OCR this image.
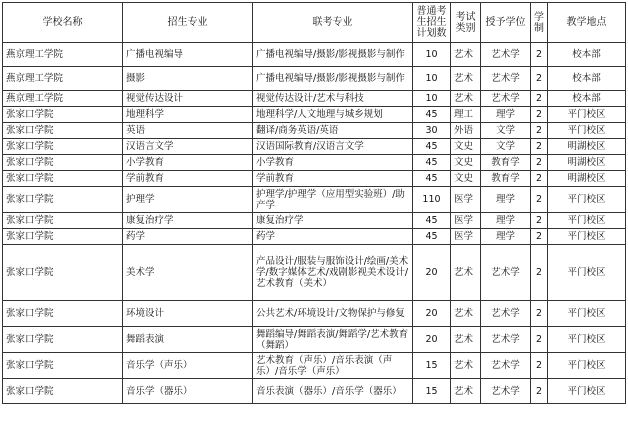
学校名称	招生专业	联考专业	普通考生招生计划数	考试类别	授予学位	学制	教学地点
燕京理工学院	广播电视编导	广播电视编导/摄影/影视摄影与制作	10	艺术	艺术学	2	校本部
燕京理工学院	摄影	广播电视编导/摄影/影视摄影与制作	10	艺术	艺术学	2	校本部
燕京理工学院	视觉传达设计	视觉传达设计/艺术与科技	10	艺术	艺术学	2	校本部
张家口学院	地理科学	地理科学/人文地理与城乡规划	45	理工	理学	2	平门校区
张家口学院	英语	翻译/商务英语/英语	30	外语	文学	2	平门校区
张家口学院	汉语言文学	汉语国际教育/汉语言文学	45	文史	文学	2	明湖校区
张家口学院	小学教育	小学教育	45	文史	教育学	2	明湖校区
张家口学院	学前教育	学前教育	45	文史	教育学	2	明湖校区
张家口学院	护理学	护理学/护理学（应用型实验班）/助产学	110	医学	理学	2	平门校区
张家口学院	康复治疗学	康复治疗学	45	医学	理学	2	平门校区
张家口学院	药学	药学	45	医学	理学	2	平门校区
张家口学院	美术学	产品设计/服装与服饰设计/绘画/美术学/数字媒体艺术/戏剧影视美术设计/艺术教育（美术）	20	艺术	艺术学	2	平门校区
张家口学院	环境设计	公共艺术/环境设计/文物保护与修复	20	艺术	艺术学	2	平门校区
张家口学院	舞蹈表演	舞蹈编导/舞蹈表演/舞蹈学/艺术教育（舞蹈）	20	艺术	艺术学	2	平门校区
张家口学院	音乐学（声乐）	艺术教育（声乐）/音乐表演（声乐）/音乐学（声乐）	15	艺术	艺术学	2	平门校区
张家口学院	音乐学（器乐）	音乐表演（器乐）/音乐学（器乐）	15	艺术	艺术学	2	平门校区
